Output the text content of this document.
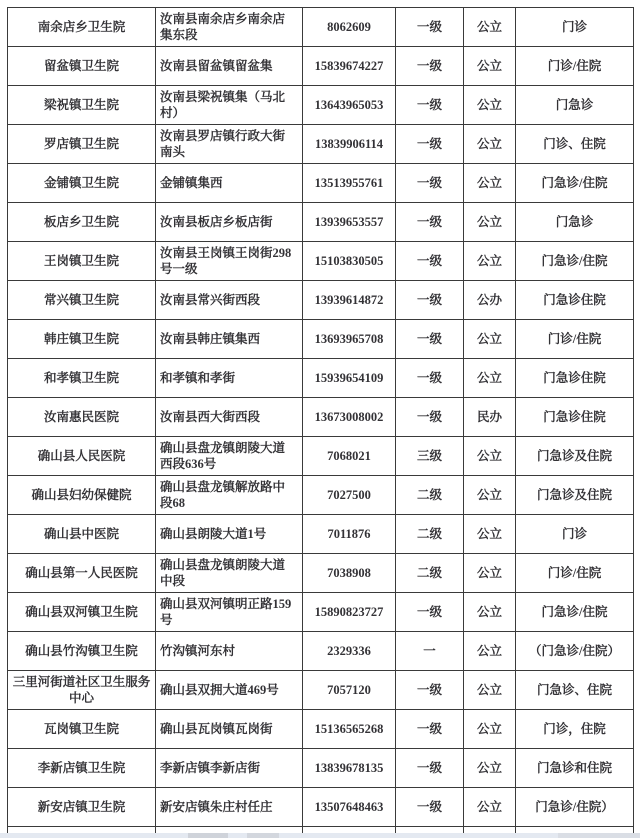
南余店乡卫生院	汝南县南余店乡南余店集东段	8062609	一级	公立	门诊
留盆镇卫生院	汝南县留盆镇留盆集	15839674227	一级	公立	门诊/住院
梁祝镇卫生院	汝南县梁祝镇集（马北村）	13643965053	一级	公立	门急诊
罗店镇卫生院	汝南县罗店镇行政大街南头	13839906114	一级	公立	门诊、住院
金铺镇卫生院	金铺镇集西	13513955761	一级	公立	门急诊/住院
板店乡卫生院	汝南县板店乡板店街	13939653557	一级	公立	门急诊
王岗镇卫生院	汝南县王岗镇王岗街298号一级	15103830505	一级	公立	门急诊/住院
常兴镇卫生院	汝南县常兴街西段	13939614872	一级	公办	门急诊住院
韩庄镇卫生院	汝南县韩庄镇集西	13693965708	一级	公立	门诊/住院
和孝镇卫生院	和孝镇和孝街	15939654109	一级	公立	门急诊住院
汝南惠民医院	汝南县西大街西段	13673008002	一级	民办	门急诊住院
确山县人民医院	确山县盘龙镇朗陵大道西段636号	7068021	三级	公立	门急诊及住院
确山县妇幼保健院	确山县盘龙镇解放路中段68	7027500	二级	公立	门急诊及住院
确山县中医院	确山县朗陵大道1号	7011876	二级	公立	门诊
确山县第一人民医院	确山县盘龙镇朗陵大道中段	7038908	二级	公立	门诊/住院
确山县双河镇卫生院	确山县双河镇明正路159号	15890823727	一级	公立	门急诊/住院
确山县竹沟镇卫生院	竹沟镇河东村	2329336	一	公立	（门急诊/住院）
三里河街道社区卫生服务中心	确山县双拥大道469号	7057120	一级	公立	门急诊、住院
瓦岗镇卫生院	确山县瓦岗镇瓦岗街	15136565268	一级	公立	门诊，住院
李新店镇卫生院	李新店镇李新店街	13839678135	一级	公立	门急诊和住院
新安店镇卫生院	新安店镇朱庄村任庄	13507648463	一级	公立	门急诊/住院）
